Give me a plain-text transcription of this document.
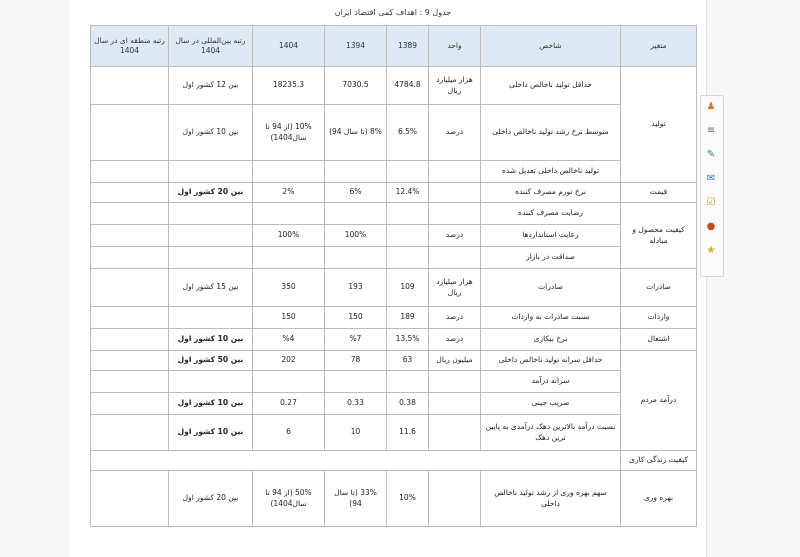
جدول 9 : اهداف کمی اقتصاد ایران
متغیر	شاخص	واحد	1389	1394	1404	رتبه بین‌المللی در سال 1404	رتبه منطقه ای در سال 1404
تولید	حداقل تولید ناخالص داخلی	هزار میلیارد ریال	4784.8	7030.5	18235.3	بین 12 کشور اول	
	متوسط نرخ رشد تولید ناخالص داخلی	درصد	6.5%	8% (تا سال 94)	10% (از 94 تا سال1404)	بین 10 کشور اول	
	تولید ناخالص داخلی تعدیل شده						
قیمت	نرخ تورم مصرف کننده		12.4%	6%	2%	بین 20 کشور اول	
کیفیت محصول و مبادله	رضایت مصرف کننده						
	رعایت استانداردها	درصد		100%	100%		
	صداقت در بازار						
صادرات	صادرات	هزار میلیارد ریال	109	193	350	بین 15 کشور اول	
واردات	نسبت صادرات به واردات	درصد	189	150	150		
اشتغال	نرخ بیکاری	درصد	13.5%	%7	%4	بین 10 کشور اول	
درآمد مردم	حداقل سرانه تولید ناخالص داخلی	میلیون ریال	63	78	202	بین 50 کشور اول	
	سرانه درآمد						
	ضریب جینی		0.38	0.33	0.27	بین 10 کشور اول	
	نسبت درآمد بالاترین دهک درآمدی به پایین ترین دهک		11.6	10	6	بین 10 کشور اول	
کیفیت زندگی کاری							
بهره وری	سهم بهره وری از رشد تولید ناخالص داخلی		10%	33% (تا سال 94)	50% (از 94 تا سال1404)	بین 20 کشور اول	
♟
≡
✎
✉
☑
●
★
